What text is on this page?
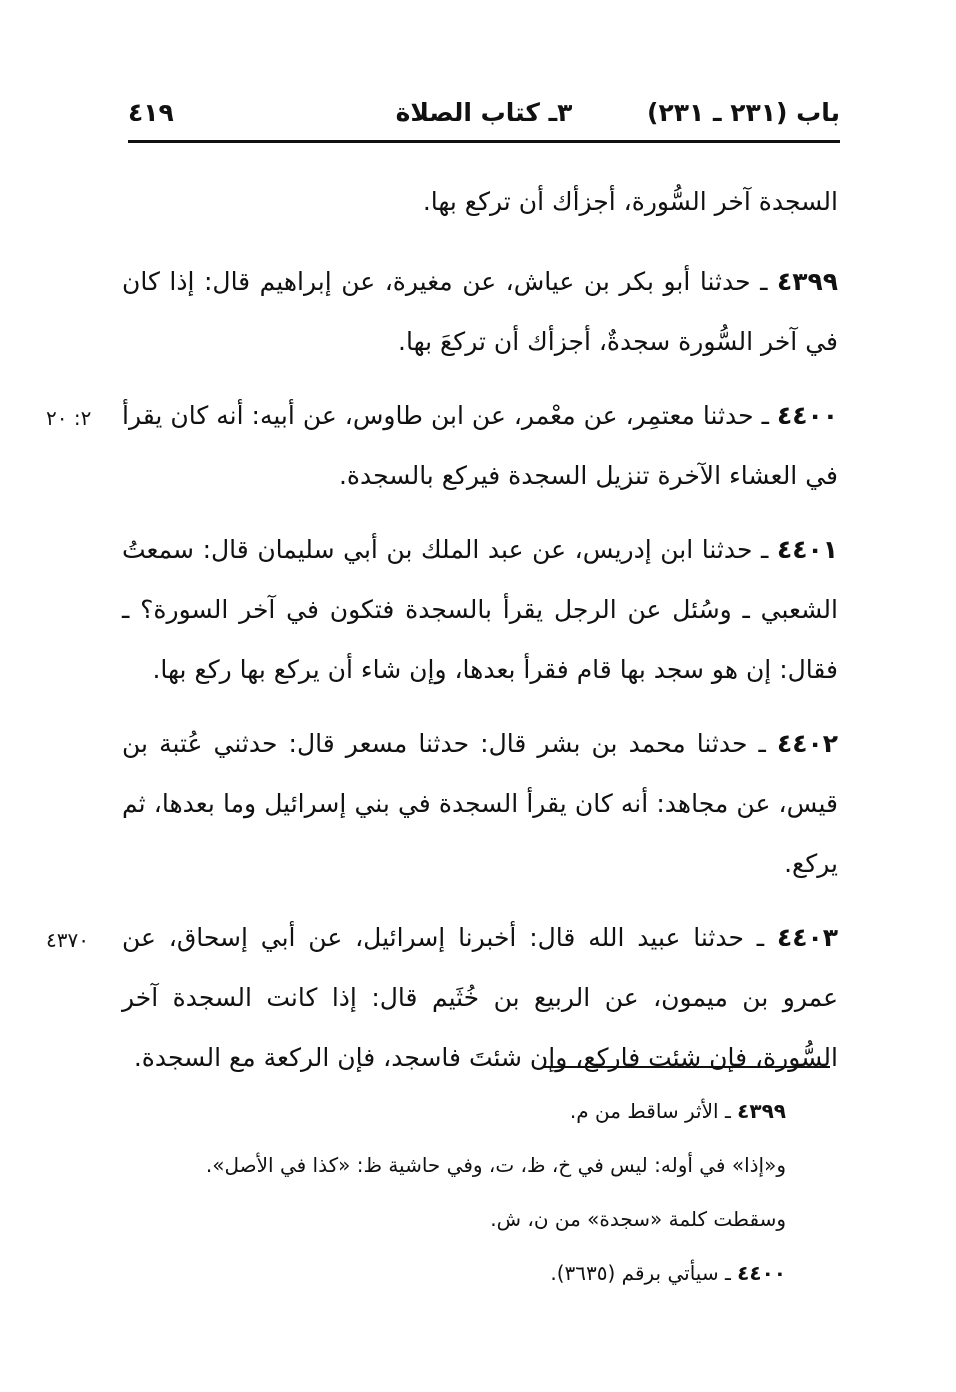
باب (٢٣١ ـ ٢٣١)
٣ـ كتاب الصلاة
٤١٩

السجدة آخر السُّورة، أجزأك أن تركع بها.

٤٣٩٩ ـ حدثنا أبو بكر بن عياش، عن مغيرة، عن إبراهيم قال: إذا كان في آخر السُّورة سجدةٌ، أجزأك أن تركعَ بها.

٢: ٢٠	٤٤٠٠ ـ حدثنا معتمِر، عن معْمر، عن ابن طاوس، عن أبيه: أنه كان يقرأ في العشاء الآخرة تنزيل السجدة فيركع بالسجدة.

٤٤٠١ ـ حدثنا ابن إدريس، عن عبد الملك بن أبي سليمان قال: سمعتُ الشعبي ـ وسُئل عن الرجل يقرأ بالسجدة فتكون في آخر السورة؟ ـ فقال: إن هو سجد بها قام فقرأ بعدها، وإن شاء أن يركع بها ركع بها.

٤٤٠٢ ـ حدثنا محمد بن بشر قال: حدثنا مسعر قال: حدثني عُتبة بن قيس، عن مجاهد: أنه كان يقرأ السجدة في بني إسرائيل وما بعدها، ثم يركع.

٤٣٧٠	٤٤٠٣ ـ حدثنا عبيد الله قال: أخبرنا إسرائيل، عن أبي إسحاق، عن عمرو بن ميمون، عن الربيع بن خُثَيم قال: إذا كانت السجدة آخر السُّورة، فإن شئت فاركع، وإن شئتَ فاسجد، فإن الركعة مع السجدة.

٤٣٩٩ ـ الأثر ساقط من م.

و«إذا» في أوله: ليس في خ، ظ، ت، وفي حاشية ظ: «كذا في الأصل».

وسقطت كلمة «سجدة» من ن، ش.

٤٤٠٠ ـ سيأتي برقم (٣٦٣٥).
